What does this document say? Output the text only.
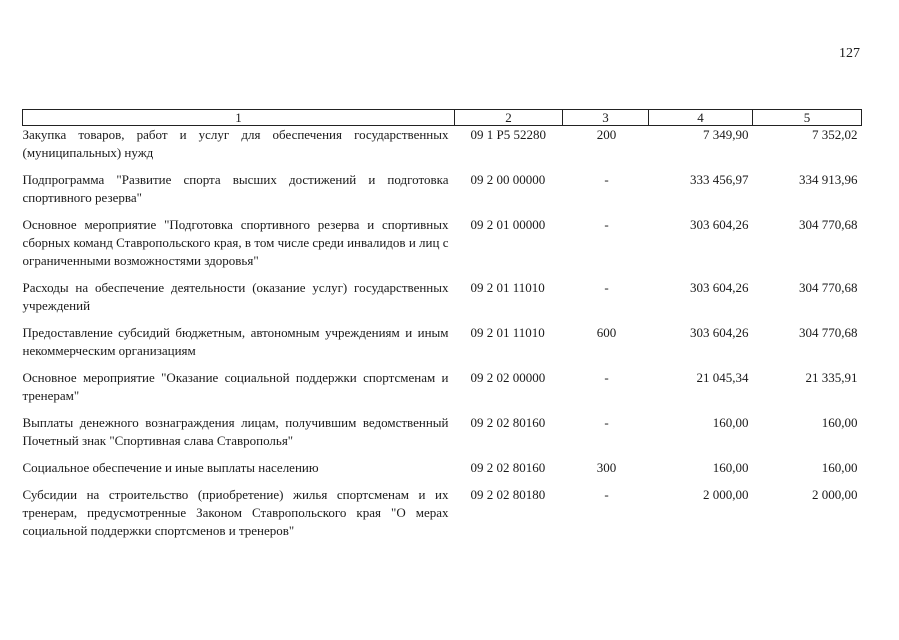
127
1	2	3	4	5
Закупка товаров, работ и услуг для обеспечения государственных (муниципальных) нужд	09 1 P5 52280	200	7 349,90	7 352,02

Подпрограмма "Развитие спорта высших достижений и подготовка спортивного резерва"	09 2 00 00000	-	333 456,97	334 913,96

Основное мероприятие "Подготовка спортивного резерва и спортивных сборных команд Ставропольского края, в том числе среди инвалидов и лиц с ограниченными возможностями здоровья"	09 2 01 00000	-	303 604,26	304 770,68

Расходы на обеспечение деятельности (оказание услуг) государственных учреждений	09 2 01 11010	-	303 604,26	304 770,68

Предоставление субсидий бюджетным, автономным учреждениям и иным некоммерческим организациям	09 2 01 11010	600	303 604,26	304 770,68

Основное мероприятие "Оказание социальной поддержки спортсменам и тренерам"	09 2 02 00000	-	21 045,34	21 335,91

Выплаты денежного вознаграждения лицам, получившим ведомственный Почетный знак "Спортивная слава Ставрополья"	09 2 02 80160	-	160,00	160,00

Социальное обеспечение и иные выплаты населению	09 2 02 80160	300	160,00	160,00

Субсидии на строительство (приобретение) жилья спортсменам и их тренерам, предусмотренные Законом Ставропольского края "О мерах социальной поддержки спортсменов и тренеров"	09 2 02 80180	-	2 000,00	2 000,00
